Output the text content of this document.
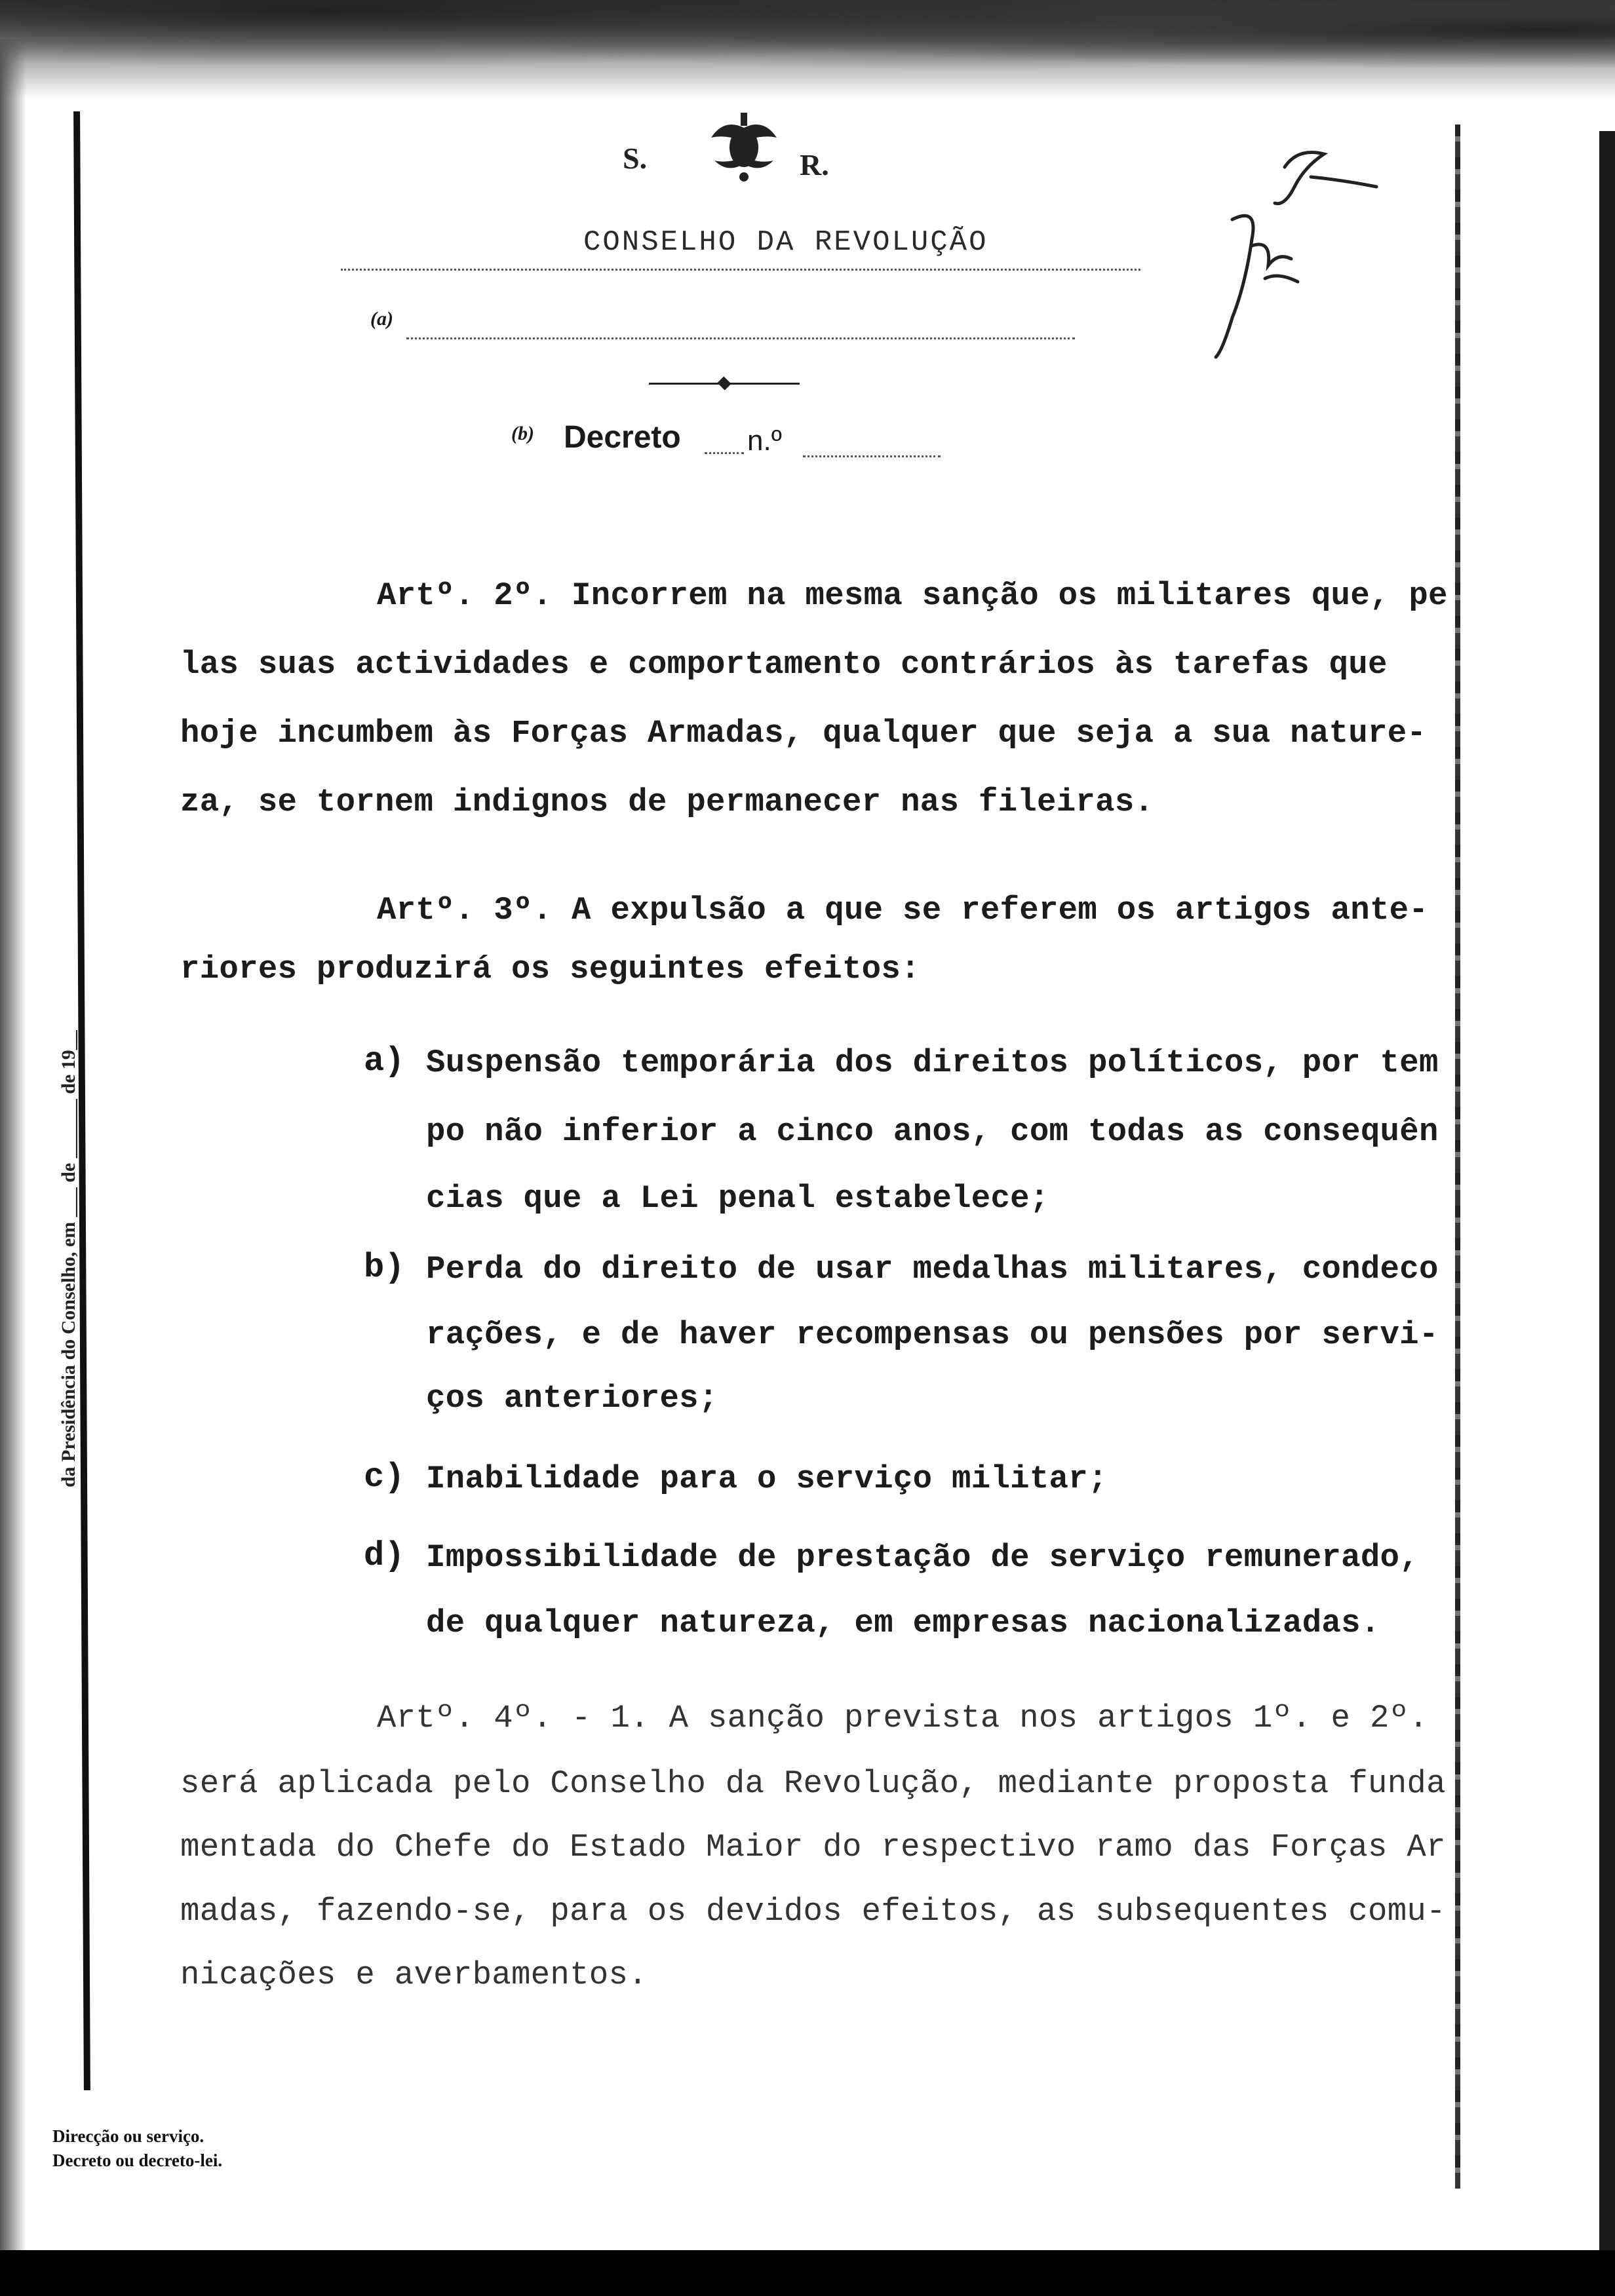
da Presidência do Conselho, em ___ de ______ de 19__
S.	R.
CONSELHO DA REVOLUÇÃO
(a)
(b) Decreto n.º
Artº. 2º. Incorrem na mesma sanção os militares que, pe
las suas actividades e comportamento contrários às tarefas que
hoje incumbem às Forças Armadas, qualquer que seja a sua nature-
za, se tornem indignos de permanecer nas fileiras.
Artº. 3º. A expulsão a que se referem os artigos ante-
riores produzirá os seguintes efeitos:
a) Suspensão temporária dos direitos políticos, por tem
po não inferior a cinco anos, com todas as consequên
cias que a Lei penal estabelece;
b) Perda do direito de usar medalhas militares, condeco
rações, e de haver recompensas ou pensões por servi-
ços anteriores;
c) Inabilidade para o serviço militar;
d) Impossibilidade de prestação de serviço remunerado,
de qualquer natureza, em empresas nacionalizadas.
Artº. 4º. - 1. A sanção prevista nos artigos 1º. e 2º.
será aplicada pelo Conselho da Revolução, mediante proposta funda
mentada do Chefe do Estado Maior do respectivo ramo das Forças Ar
madas, fazendo-se, para os devidos efeitos, as subsequentes comu-
nicações e averbamentos.
Direcção ou serviço.
Decreto ou decreto-lei.
